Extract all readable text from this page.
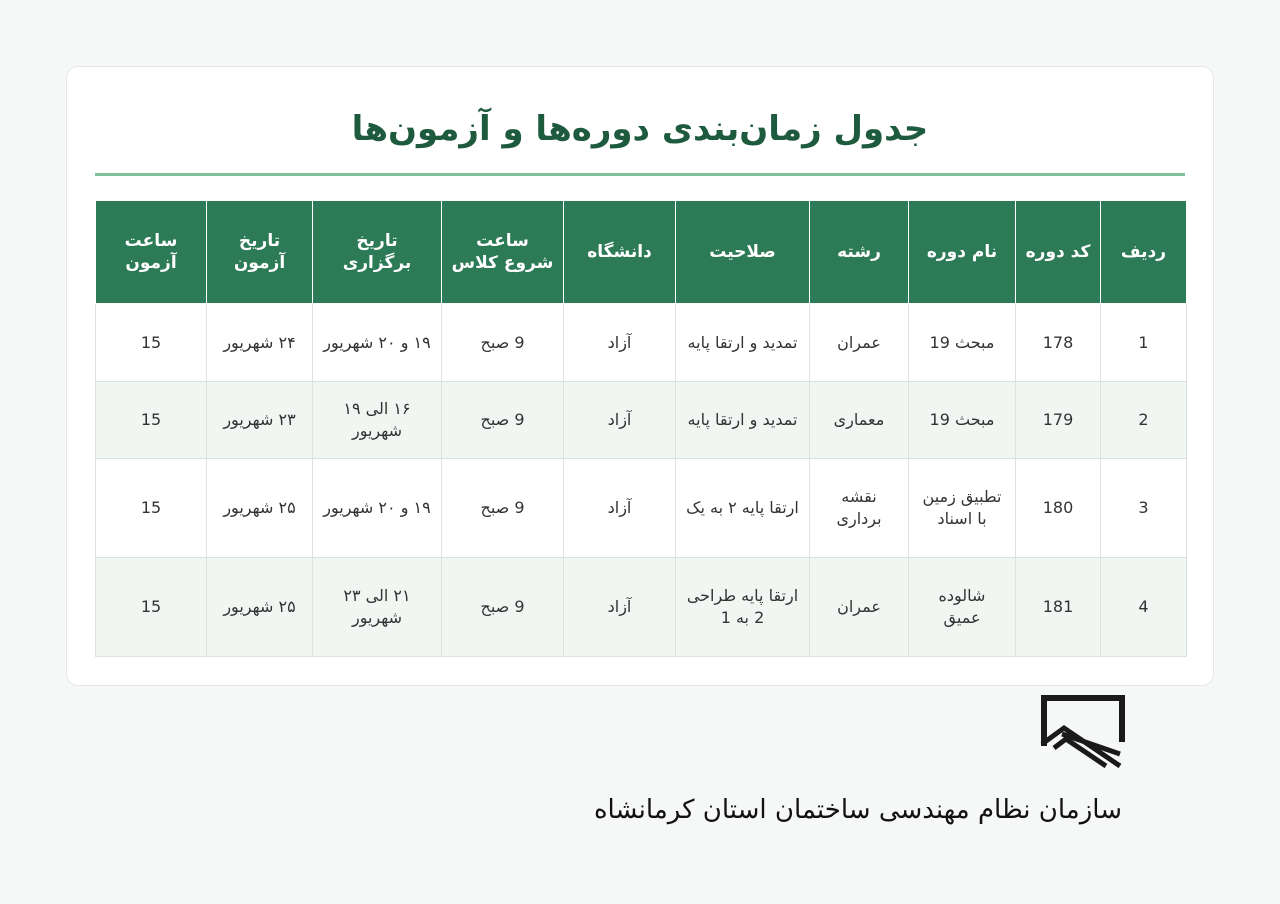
جدول زمان‌بندی دوره‌ها و آزمون‌ها
ردیف	کد دوره	نام دوره	رشته	صلاحیت	دانشگاه	ساعت شروع کلاس	تاریخ برگزاری	تاریخ آزمون	ساعت آزمون
1	178	مبحث 19	عمران	تمدید و ارتقا پایه	آزاد	9 صبح	۱۹ و ۲۰ شهریور	۲۴ شهریور	15
2	179	مبحث 19	معماری	تمدید و ارتقا پایه	آزاد	9 صبح	۱۶ الی ۱۹ شهریور	۲۳ شهریور	15
3	180	تطبیق زمین با اسناد	نقشه برداری	ارتقا پایه ۲ به یک	آزاد	9 صبح	۱۹ و ۲۰ شهریور	۲۵ شهریور	15
4	181	شالوده عمیق	عمران	ارتقا پایه طراحی 2 به 1	آزاد	9 صبح	۲۱ الی ۲۳ شهریور	۲۵ شهریور	15
سازمان نظام مهندسی ساختمان استان کرمانشاه
